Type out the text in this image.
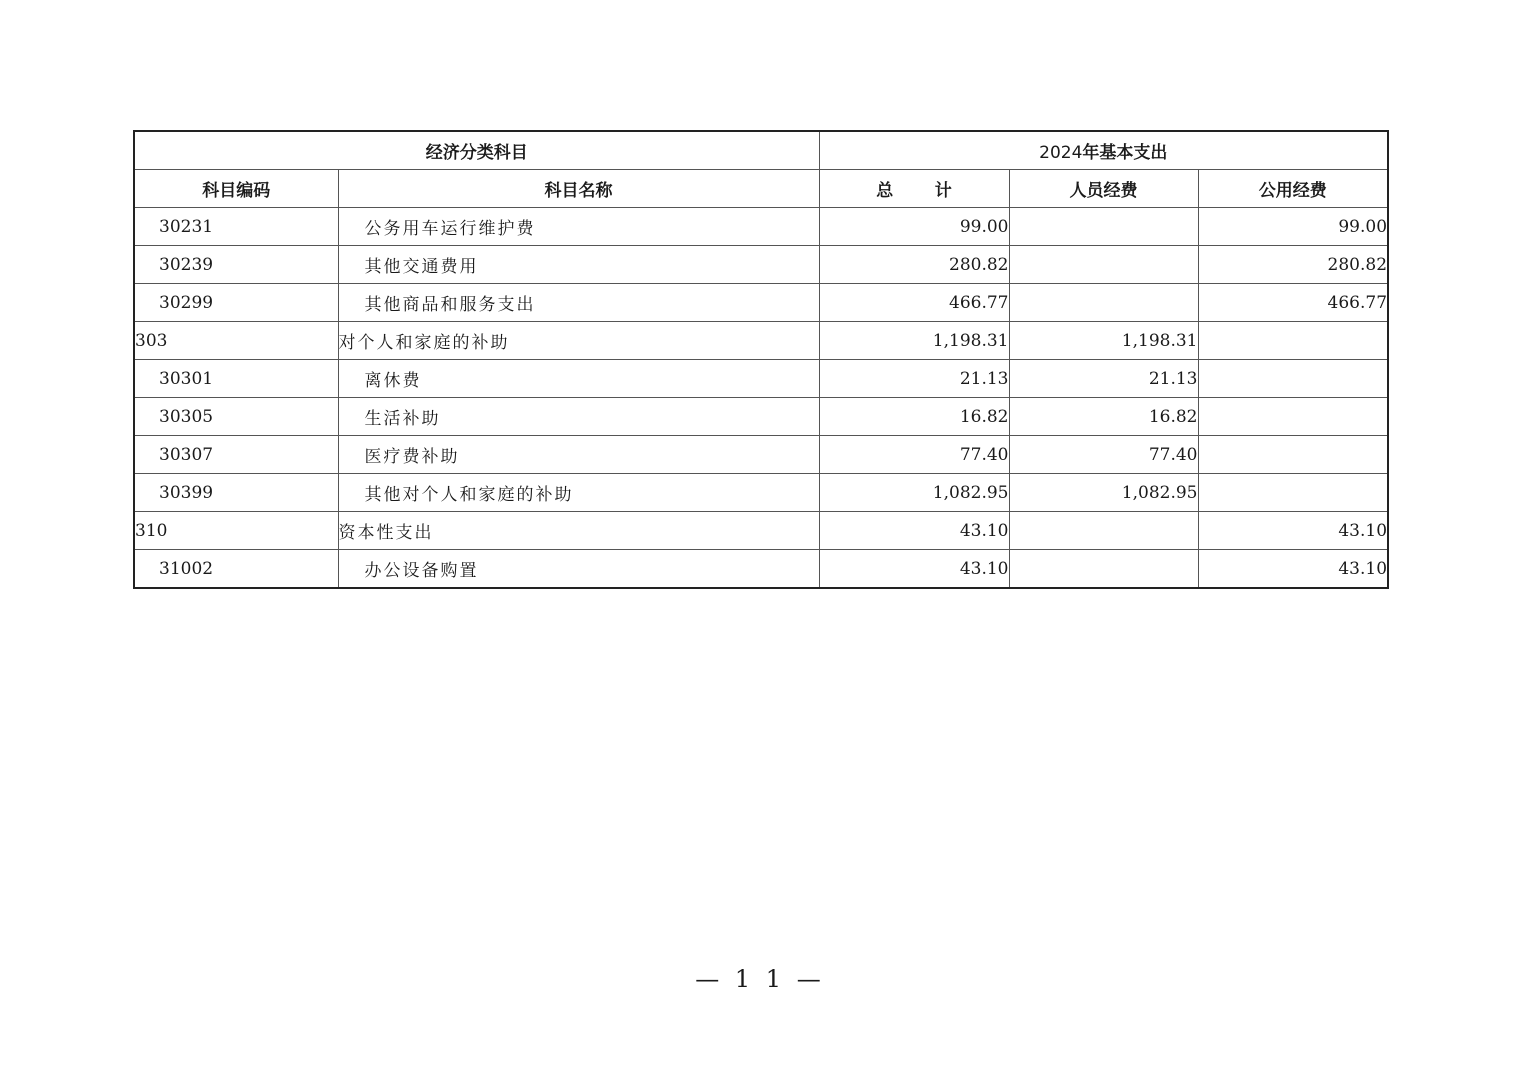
经济分类科目		2024年基本支出		
科目编码	科目名称	总       计	人员经费	公用经费
30231	公务用车运行维护费	99.00		99.00
30239	其他交通费用	280.82		280.82
30299	其他商品和服务支出	466.77		466.77
303	对个人和家庭的补助	1,198.31	1,198.31	
30301	离休费	21.13	21.13	
30305	生活补助	16.82	16.82	
30307	医疗费补助	77.40	77.40	
30399	其他对个人和家庭的补助	1,082.95	1,082.95	
310	资本性支出	43.10		43.10
31002	办公设备购置	43.10		43.10
— 1 1 —
